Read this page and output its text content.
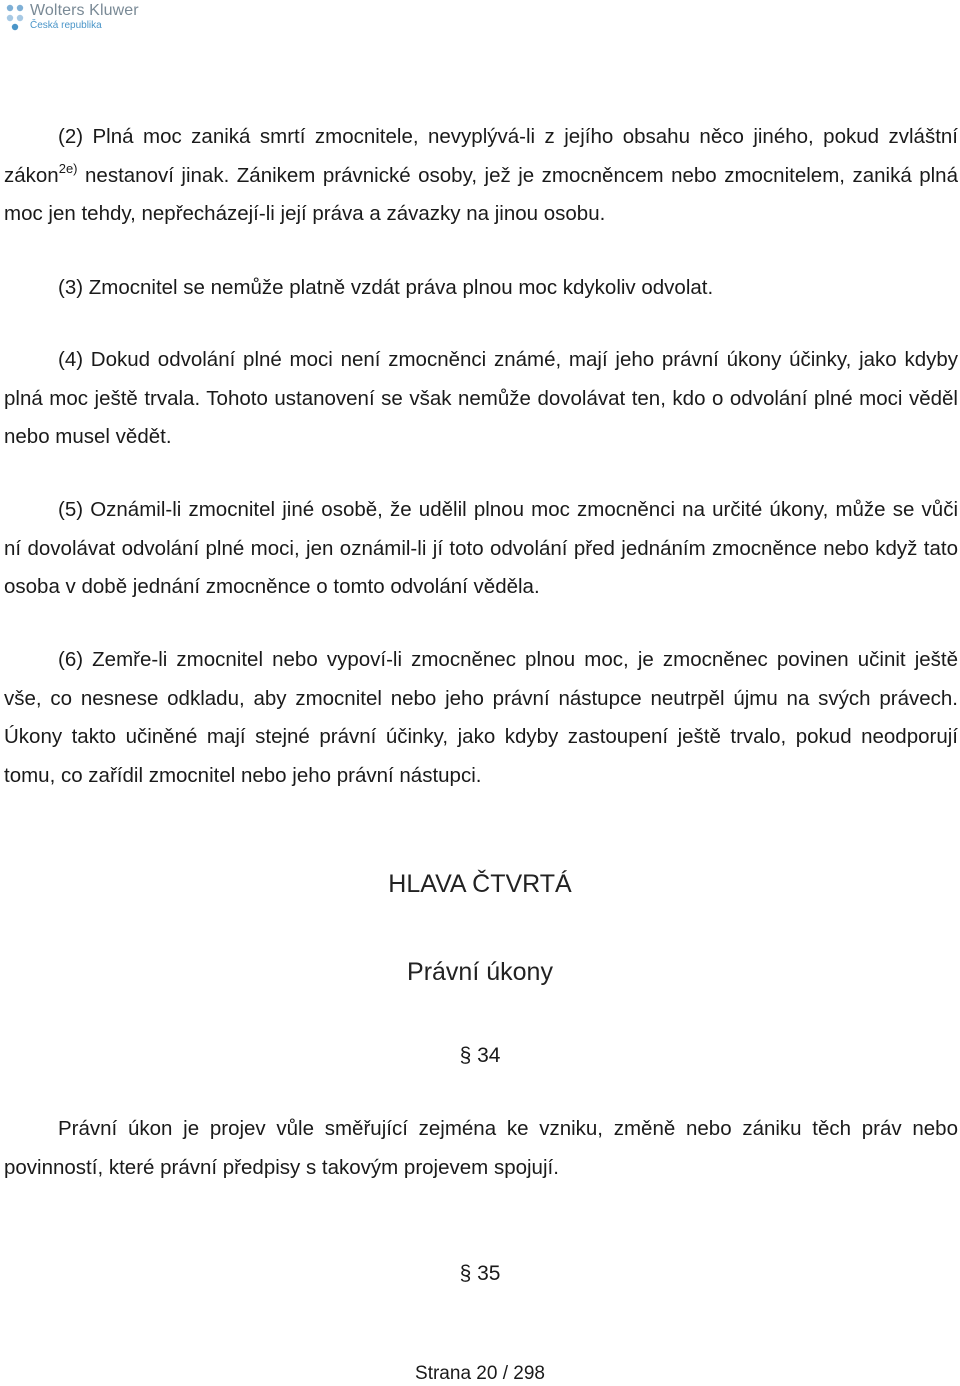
Wolters Kluwer
Česká republika

(2) Plná moc zaniká smrtí zmocnitele, nevyplývá-li z jejího obsahu něco jiného, pokud zvláštní zákon$^{2e)}$ nestanoví jinak. Zánikem právnické osoby, jež je zmocněncem nebo zmocnitelem, zaniká plná moc jen tehdy, nepřecházejí-li její práva a závazky na jinou osobu.

(3) Zmocnitel se nemůže platně vzdát práva plnou moc kdykoliv odvolat.

(4) Dokud odvolání plné moci není zmocněnci známé, mají jeho právní úkony účinky, jako kdyby plná moc ještě trvala. Tohoto ustanovení se však nemůže dovolávat ten, kdo o odvolání plné moci věděl nebo musel vědět.

(5) Oznámil-li zmocnitel jiné osobě, že udělil plnou moc zmocněnci na určité úkony, může se vůči ní dovolávat odvolání plné moci, jen oznámil-li jí toto odvolání před jednáním zmocněnce nebo když tato osoba v době jednání zmocněnce o tomto odvolání věděla.

(6) Zemře-li zmocnitel nebo vypoví-li zmocněnec plnou moc, je zmocněnec povinen učinit ještě vše, co nesnese odkladu, aby zmocnitel nebo jeho právní nástupce neutrpěl újmu na svých právech. Úkony takto učiněné mají stejné právní účinky, jako kdyby zastoupení ještě trvalo, pokud neodporují tomu, co zařídil zmocnitel nebo jeho právní nástupci.

HLAVA ČTVRTÁ

Právní úkony

§ 34

Právní úkon je projev vůle směřující zejména ke vzniku, změně nebo zániku těch práv nebo povinností, které právní předpisy s takovým projevem spojují.

§ 35

Strana 20 / 298
